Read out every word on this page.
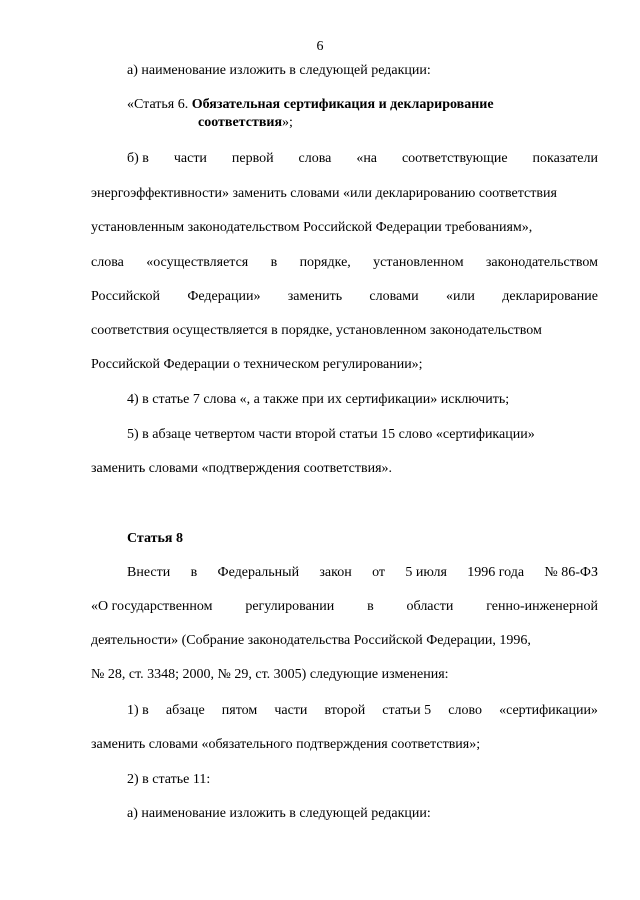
6
а) наименование изложить в следующей редакции:
«Статья 6. Обязательная сертификация и декларирование
соответствия»;
б) в части первой слова «на соответствующие показатели
энергоэффективности» заменить словами «или декларированию соответствия
установленным законодательством Российской Федерации требованиям»,
слова «осуществляется в порядке, установленном законодательством
Российской Федерации» заменить словами «или декларирование
соответствия осуществляется в порядке, установленном законодательством
Российской Федерации о техническом регулировании»;
4) в статье 7 слова «, а также при их сертификации» исключить;
5) в абзаце четвертом части второй статьи 15 слово «сертификации»
заменить словами «подтверждения соответствия».
Статья 8
Внести в Федеральный закон от 5 июля 1996 года № 86-ФЗ
«О государственном регулировании в области генно-инженерной
деятельности» (Собрание законодательства Российской Федерации, 1996,
№ 28, ст. 3348; 2000, № 29, ст. 3005) следующие изменения:
1) в абзаце пятом части второй статьи 5 слово «сертификации»
заменить словами «обязательного подтверждения соответствия»;
2) в статье 11:
а) наименование изложить в следующей редакции:
